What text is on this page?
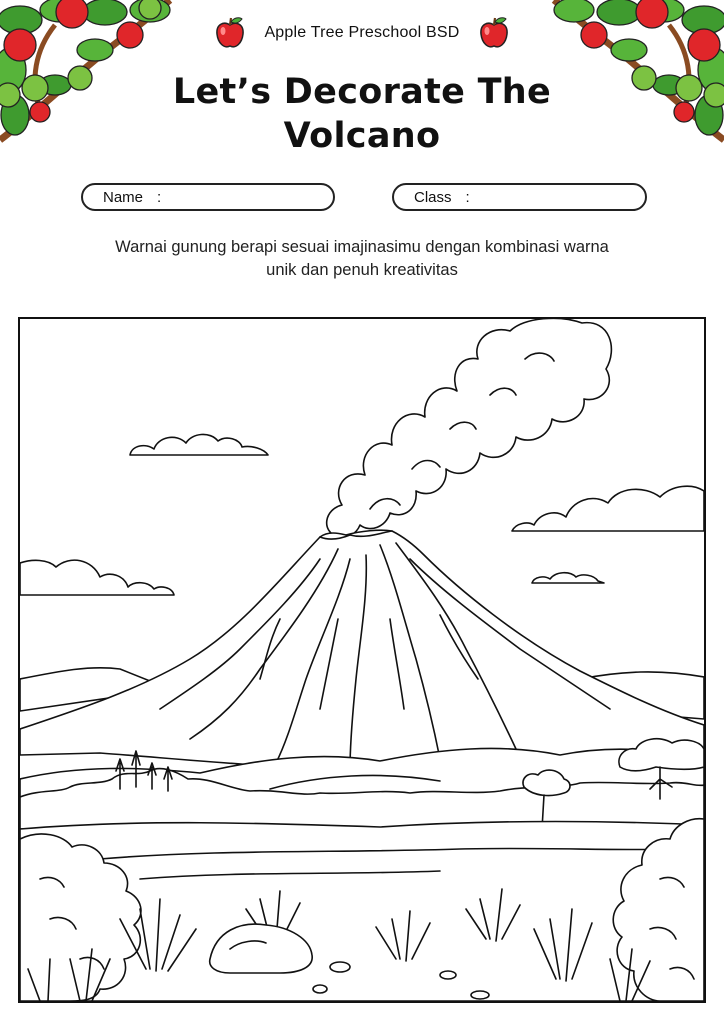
Apple Tree Preschool BSD
Let’s Decorate The
Volcano
Name :	Class :
Warnai gunung berapi sesuai imajinasimu dengan kombinasi warna
unik dan penuh kreativitas
